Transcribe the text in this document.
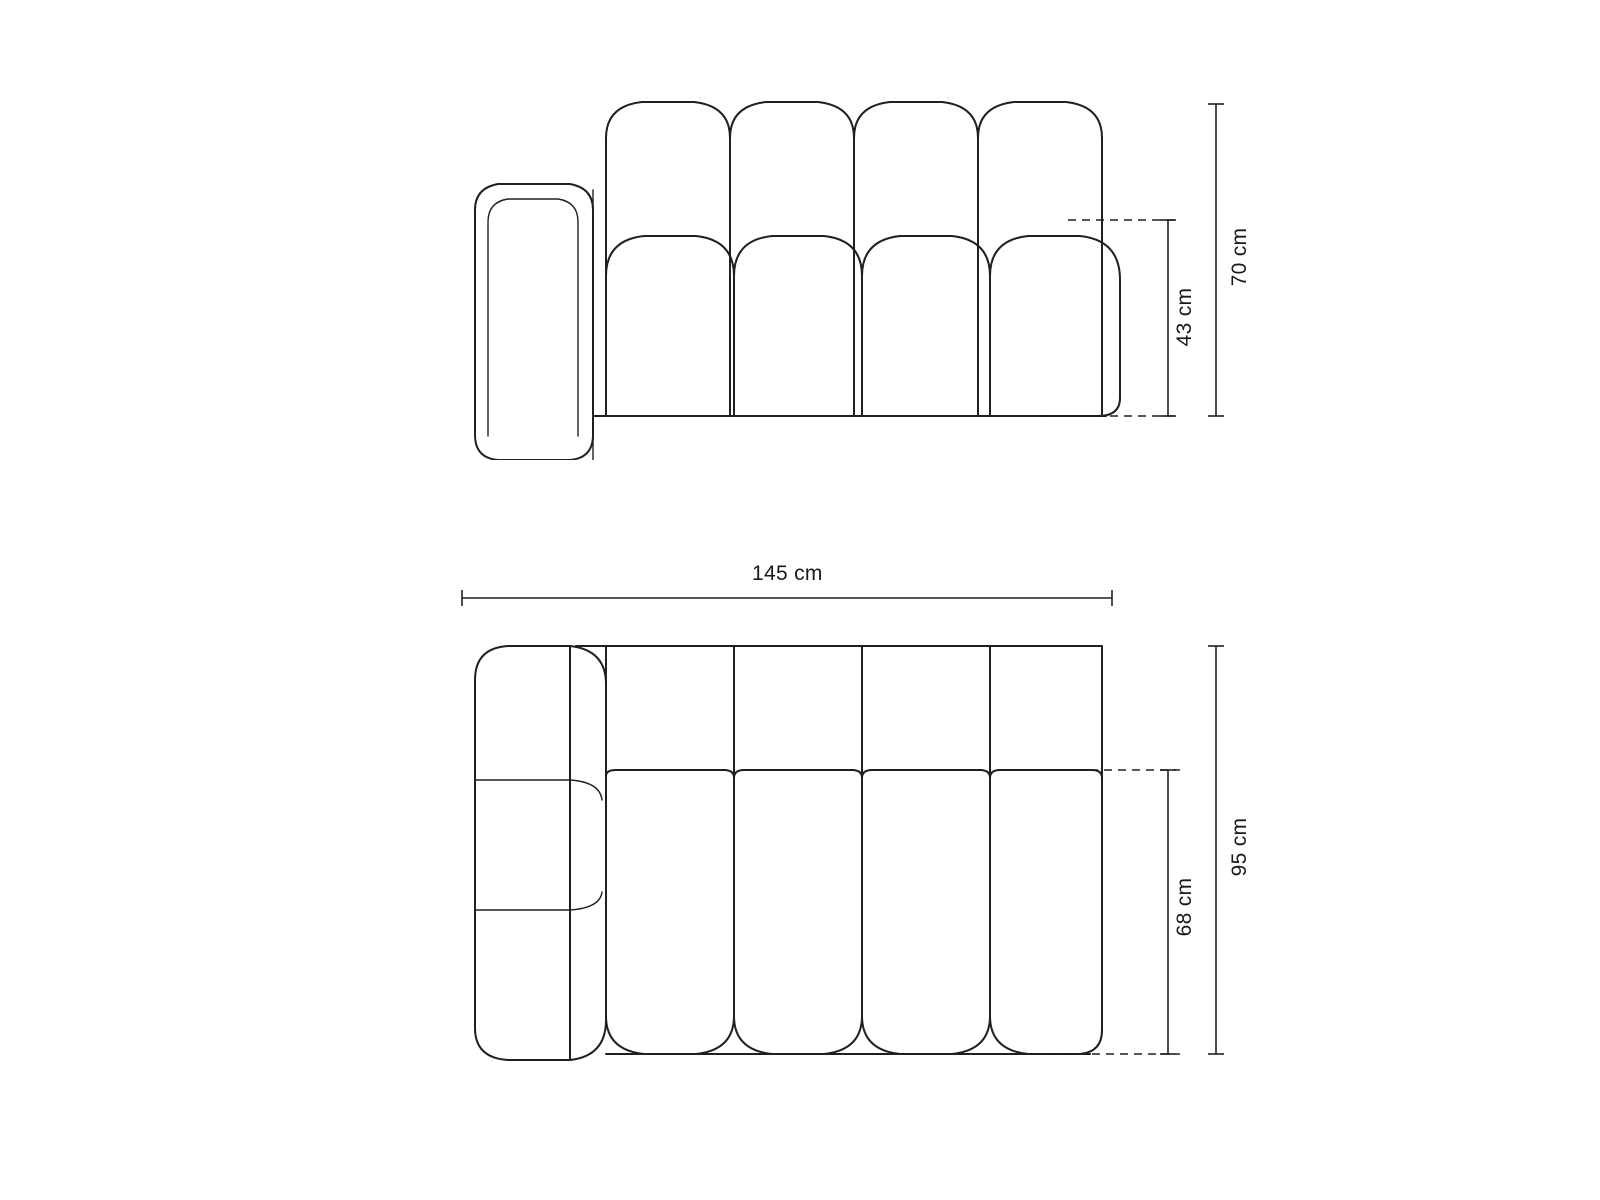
70 cm
43 cm
145 cm
95 cm
68 cm
